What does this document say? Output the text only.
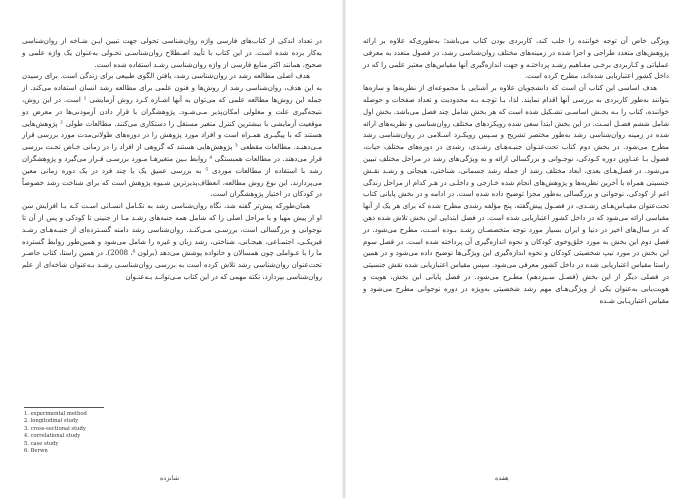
در تعداد اندکی از کتاب‌های فارسی واژه روان‌شناسی تحولی جهت تبیین ایـن شـاخه از روان‌شناسی به‌کار برده شده است. در این کتاب با تأیید اصـطلاح روان‌شناسـی تحـولی به‌عنوان یک واژه علمی و صحیح، همانند اکثر منابع فارسی از واژه روان‌شناسی رشـد استفاده شده است.

هدف اصلی مطالعه رشد در روان‌شناسی رشد، یافتن الگوی طبیعی برای زندگی است. برای رسیدن به این هدف، روان‌شناسی رشد از روش‌ها و فنون علمی برای مطالعه رشد انسان استفاده می‌کند. از جمله این روش‌ها مطالعه علمی که می‌توان به آنها اشـاره کـرد روش آزمایشی ¹ است. در این روش، نتیجه‌گیری علت و معلولی امکان‌پذیر مـی‌شـود. پژوهشگران با قرار دادن آزمودنی‌ها در معرض دو موقعیت آزمایشی با بیشترین کنترل متغیر مستقل را دستکاری می‌کنند. مطالعات طولی ² پژوهش‌هایی هستند که با پیگیـری همـراه است و افراد مورد پژوهش را در دوره‌های طولانی‌مدت مورد بررسی قرار مـی‌دهنـد. مطالعات مقطعی ³ پژوهش‌هایی هستند که گروهی از افراد را در زمانی خـاص تحـت بررسی قرار می‌دهند. در مطالعات همبستگی ⁴ روابط بـین متغیرهـا مـورد بررسـی قـرار می‌گیرد و پژوهشگران رشد با استفاده از مطالعات موردی ⁵ به بررسی عمیق یک یا چند فرد در یک دوره زمانی معین می‌پردازند. این نوع روش مطالعه، انعطاف‌پذیرترین شـیوه پژوهش است که برای شناخت رشد خصوصاً در کودکان در اختیار پژوهشگران است.

همان‌طورکه پیش‌تر گفته شد، نگاه روان‌شناسی رشد به تکـامل انسـانی اسـت کـه بـا افزایش سن او از پیش مهیا و با مراحل اصلی را که شامل همه جنبه‌های رشـد مـا از جنینی تا کودکی و پس از آن تا نوجوانی و بزرگسالی است، بررسـی مـی‌کنـد. روان‌شناسی رشد دامنه گسـترده‌ای از جنبـه‌هـای رشـد فیزیکـی، اجتمـاعی، هیجـانی، شناختی، رشد زبان و غیره را شامل می‌شود و همین‌طور روابط گسترده ما را با عـواملی چون همسالان و خانواده پوشش می‌دهد (برلون ⁶، 2008). در همین راستا، کتاب حاضـر تحت‌عنوان روان‌شناسی رشد تلاش کرده است به بررسی روان‌شناسـی رشـد بـه‌عنوان شاخه‌ای از علم روان‌شناسی بپردازد، نکته مهمی که در این کتاب مـی‌توانـد بـه‌عنـوان

1. experimental method
2. longitudinal study
3. cross-sectional study
4. correlational study
5. case study
6. Berwn
شانزده

ویژگی خاص آن توجه خواننده را جلب کند، کاربردی بودن کتاب می‌باشد؛ به‌طوری‌که علاوه بر ارائه پژوهش‌های متعدد طراحی و اجرا شده در زمینه‌های مختلف روان‌شناسی رشد، در فصول متعدد به معرفی عملیاتی و کـاربردی برخـی مفـاهیم رشـد پرداختـه و جهت اندازه‌گیری آنها مقیاس‌های معتبر علمی را که در داخل کشور اعتباریابی شده‌اند، مطرح کرده است.

هدف اساسی این کتاب آن است که دانشجویان علاوه بر آشنایی با مجموعه‌ای از نظریه‌ها و سازه‌ها بتوانند به‌طور کاربردی به بررسی آنها اقدام نمایند. لذا، بـا توجـه بـه محدودیت و تعداد صفحات و حوصله خواننده، کتاب را بـه بخـش اساسـی تشـکیل شده است که هر بخش شامل چند فصل می‌باشد. بخش اول شامل ششم فصـل اسـت. در این بخش ابتدا سعی شده رویکردهای مختلف روان‌شناسی و نظریه‌های ارائه شده در زمینه روان‌شناسی رشد به‌طور مختصر تشریح و سـپس رویکـرد اسـلامی در روان‌شناسی رشد مطرح می‌شود. در بخش دوم کتاب تحت‌عنـوان جنبـه‌هـای رشـدی، رشدی در دوره‌های مختلف حیات، فصول بـا عنـاوین دوره کـودکی، نوجـوانی و بزرگسالی ارائه و به ویژگی‌های رشد در مراحل مختلف تبیین می‌شود. در فصل‌هـای بعدی، ابعاد مختلف رشد از جمله رشد جسمانی، شناختی، هیجانی و رشـد نقـش جنسیتی همراه با آخرین نظریه‌ها و پژوهش‌های انجام شده خـارجی و داخلـی در هـر کدام از مراحل زندگی اعم از کودکی، نوجوانی و بزرگسالی به‌طور مجزا توضیح داده شده است. در ادامه و در بخش پایانی کتاب تحت‌عنوان مقیـاس‌هـای رشـدی، در فصـول پیش‌گفته، پنج مؤلفه رشدی مطرح شده که برای هر یک از آنها مقیاسی ارائه می‌شود که در داخل کشور اعتباریابی شده است. در فصل ابتدایی این بخش تلاش شده ذهن که در سال‌های اخیر در دنیا و ایران بسیار مورد توجه متخصصـان رشـد بـوده اسـت، مطرح می‌شود. در فصل دوم این بخش به مورد خلق‌وخوی کودکان و نحوه اندازه‌گیری آن پرداخته شده است. در فصل سوم این بخش در مورد تیپ شخصیتی کودکان و نحوه اندازه‌گیری این ویژگی‌ها توضیح داده می‌شود و در همین راستا مقیاس اعتباریابی شده در داخل کشور معرفی می‌شود. سپس مقیاس اعتباریابی شده نقش جنسیتی در فصلی دیگر از این بخش (فصـل سـیزدهم) مطـرح می‌شود. در فصل پایانی این بخش، هویت و هویت‌یابی به‌عنوان یکی از ویژگی‌هـای مهم رشد شخصیتی به‌ویژه در دوره نوجوانی مطرح می‌شود و مقیاس اعتباریـابی شـده

هفده
